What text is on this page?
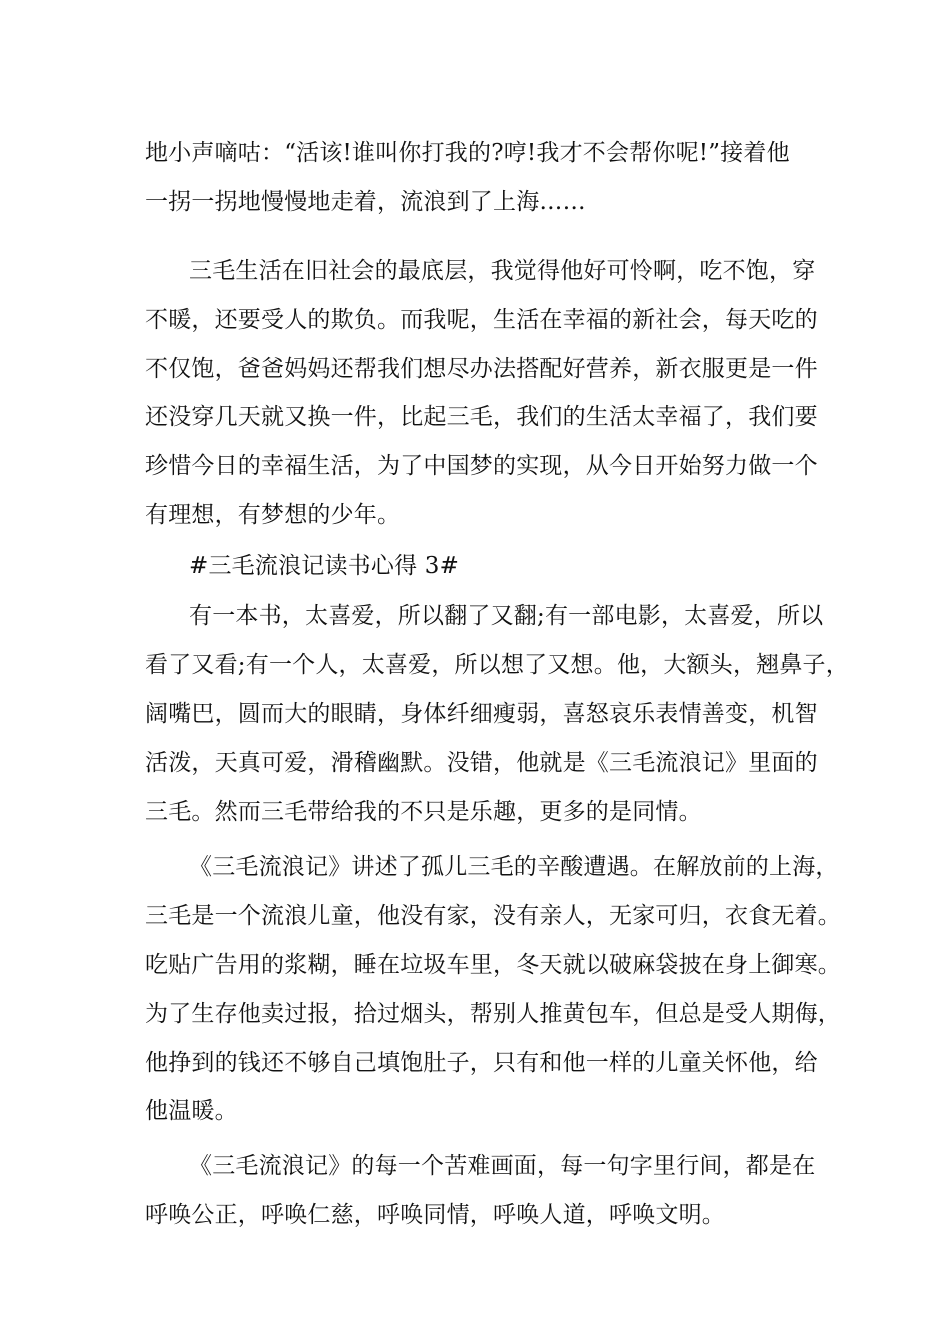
地小声嘀咕：“活该!谁叫你打我的?哼!我才不会帮你呢!”接着他
一拐一拐地慢慢地走着，流浪到了上海……
三毛生活在旧社会的最底层，我觉得他好可怜啊，吃不饱，穿
不暖，还要受人的欺负。而我呢，生活在幸福的新社会，每天吃的
不仅饱，爸爸妈妈还帮我们想尽办法搭配好营养，新衣服更是一件
还没穿几天就又换一件，比起三毛，我们的生活太幸福了，我们要
珍惜今日的幸福生活，为了中国梦的实现，从今日开始努力做一个
有理想，有梦想的少年。
#三毛流浪记读书心得 3#
有一本书，太喜爱，所以翻了又翻;有一部电影，太喜爱，所以
看了又看;有一个人，太喜爱，所以想了又想。他，大额头，翘鼻子，
阔嘴巴，圆而大的眼睛，身体纤细瘦弱，喜怒哀乐表情善变，机智
活泼，天真可爱，滑稽幽默。没错，他就是《三毛流浪记》里面的
三毛。然而三毛带给我的不只是乐趣，更多的是同情。
《三毛流浪记》讲述了孤儿三毛的辛酸遭遇。在解放前的上海，
三毛是一个流浪儿童，他没有家，没有亲人，无家可归，衣食无着。
吃贴广告用的浆糊，睡在垃圾车里，冬天就以破麻袋披在身上御寒。
为了生存他卖过报，拾过烟头，帮别人推黄包车，但总是受人期侮，
他挣到的钱还不够自己填饱肚子，只有和他一样的儿童关怀他，给
他温暖。
《三毛流浪记》的每一个苦难画面，每一句字里行间，都是在
呼唤公正，呼唤仁慈，呼唤同情，呼唤人道，呼唤文明。
